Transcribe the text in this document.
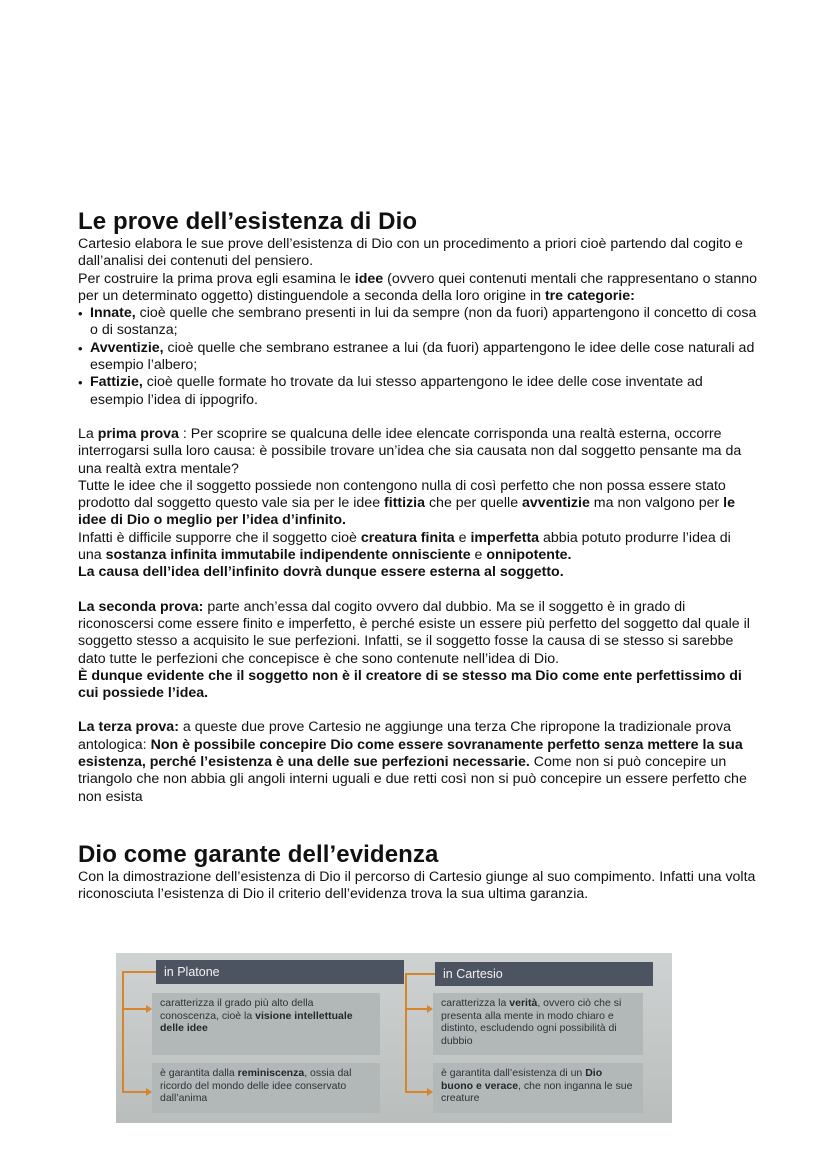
Le prove dell’esistenza di Dio

Cartesio elabora le sue prove dell’esistenza di Dio con un procedimento a priori cioè partendo dal cogito e dall’analisi dei contenuti del pensiero.

Per costruire la prima prova egli esamina le idee (ovvero quei contenuti mentali che rappresentano o stanno per un determinato oggetto) distinguendole a seconda della loro origine in tre categorie:

• Innate, cioè quelle che sembrano presenti in lui da sempre (non da fuori) appartengono il concetto di cosa o di sostanza;
• Avventizie, cioè quelle che sembrano estranee a lui (da fuori) appartengono le idee delle cose naturali ad esempio l’albero;
• Fattizie, cioè quelle formate ho trovate da lui stesso appartengono le idee delle cose inventate ad esempio l’idea di ippogrifo.

La prima prova : Per scoprire se qualcuna delle idee elencate corrisponda una realtà esterna, occorre interrogarsi sulla loro causa: è possibile trovare un’idea che sia causata non dal soggetto pensante ma da una realtà extra mentale?

Tutte le idee che il soggetto possiede non contengono nulla di così perfetto che non possa essere stato prodotto dal soggetto questo vale sia per le idee fittizia che per quelle avventizie ma non valgono per le idee di Dio o meglio per l’idea d’infinito.

Infatti è difficile supporre che il soggetto cioè creatura finita e imperfetta abbia potuto produrre l’idea di una sostanza infinita immutabile indipendente onnisciente e onnipotente.

La causa dell’idea dell’infinito dovrà dunque essere esterna al soggetto.

La seconda prova: parte anch’essa dal cogito ovvero dal dubbio. Ma se il soggetto è in grado di riconoscersi come essere finito e imperfetto, è perché esiste un essere più perfetto del soggetto dal quale il soggetto stesso a acquisito le sue perfezioni. Infatti, se il soggetto fosse la causa di se stesso si sarebbe dato tutte le perfezioni che concepisce è che sono contenute nell’idea di Dio.

È dunque evidente che il soggetto non è il creatore di se stesso ma Dio come ente perfettissimo di cui possiede l’idea.

La terza prova: a queste due prove Cartesio ne aggiunge una terza Che ripropone la tradizionale prova antologica: Non è possibile concepire Dio come essere sovranamente perfetto senza mettere la sua esistenza, perché l’esistenza è una delle sue perfezioni necessarie. Come non si può concepire un triangolo che non abbia gli angoli interni uguali e due retti così non si può concepire un essere perfetto che non esista

Dio come garante dell’evidenza

Con la dimostrazione dell’esistenza di Dio il percorso di Cartesio giunge al suo compimento. Infatti una volta riconosciuta l’esistenza di Dio il criterio dell’evidenza trova la sua ultima garanzia.

in Platone
caratterizza il grado più alto della conoscenza, cioè la visione intellettuale delle idee
è garantita dalla reminiscenza, ossia dal ricordo del mondo delle idee conservato dall’anima
in Cartesio
caratterizza la verità, ovvero ciò che si presenta alla mente in modo chiaro e distinto, escludendo ogni possibilità di dubbio
è garantita dall’esistenza di un Dio buono e verace, che non inganna le sue creature
